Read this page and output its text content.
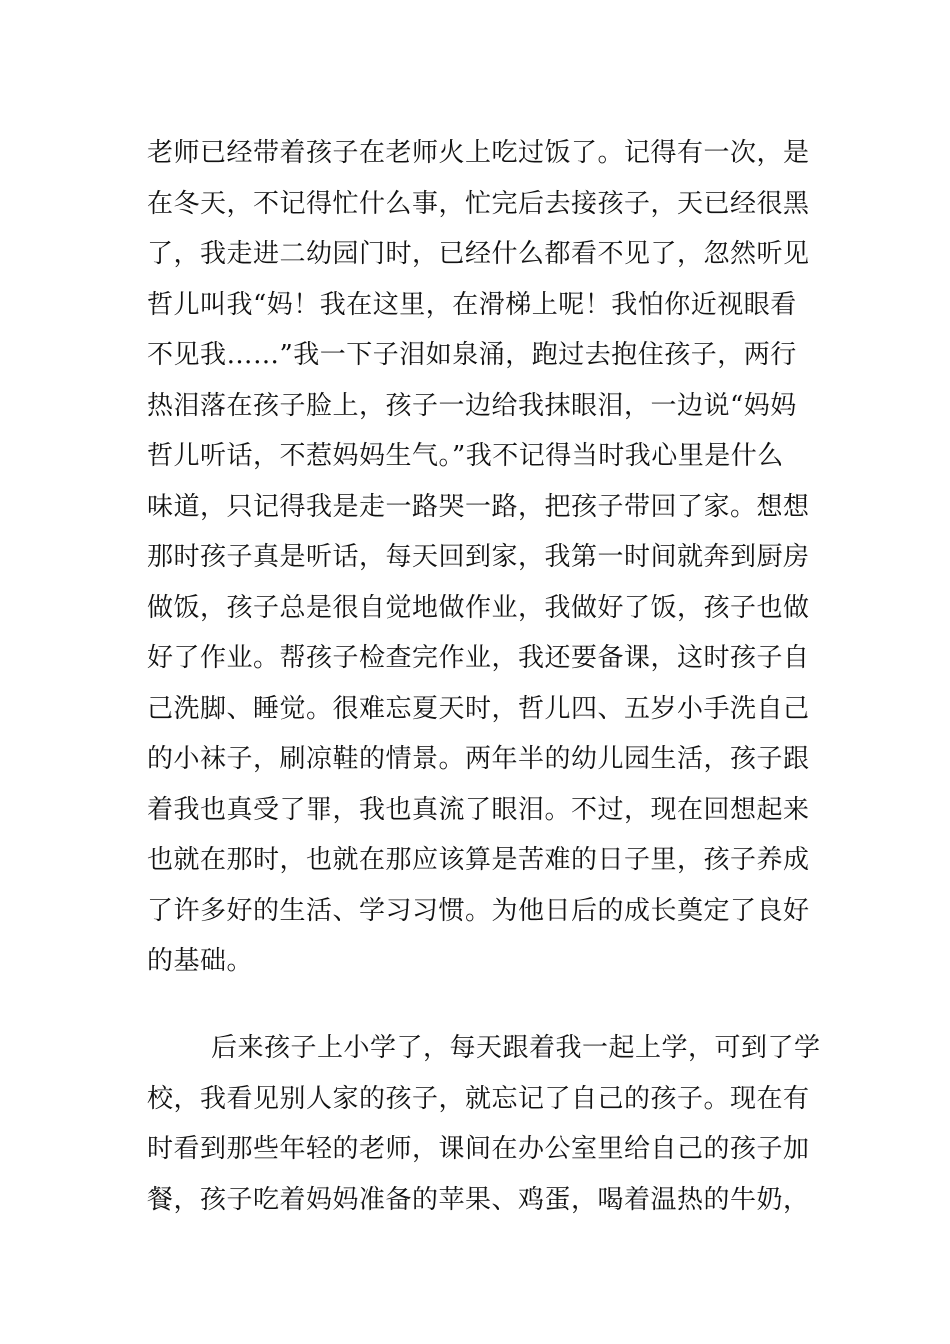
老师已经带着孩子在老师火上吃过饭了。记得有一次，是
在冬天，不记得忙什么事，忙完后去接孩子，天已经很黑
了，我走进二幼园门时，已经什么都看不见了，忽然听见
哲儿叫我“妈！我在这里，在滑梯上呢！我怕你近视眼看
不见我……”我一下子泪如泉涌，跑过去抱住孩子，两行
热泪落在孩子脸上，孩子一边给我抹眼泪，一边说“妈妈
哲儿听话，不惹妈妈生气。”我不记得当时我心里是什么
味道，只记得我是走一路哭一路，把孩子带回了家。想想
那时孩子真是听话，每天回到家，我第一时间就奔到厨房
做饭，孩子总是很自觉地做作业，我做好了饭，孩子也做
好了作业。帮孩子检查完作业，我还要备课，这时孩子自
己洗脚、睡觉。很难忘夏天时，哲儿四、五岁小手洗自己
的小袜子，刷凉鞋的情景。两年半的幼儿园生活，孩子跟
着我也真受了罪，我也真流了眼泪。不过，现在回想起来
也就在那时，也就在那应该算是苦难的日子里，孩子养成
了许多好的生活、学习习惯。为他日后的成长奠定了良好
的基础。
后来孩子上小学了，每天跟着我一起上学，可到了学
校，我看见别人家的孩子，就忘记了自己的孩子。现在有
时看到那些年轻的老师，课间在办公室里给自己的孩子加
餐，孩子吃着妈妈准备的苹果、鸡蛋，喝着温热的牛奶，
